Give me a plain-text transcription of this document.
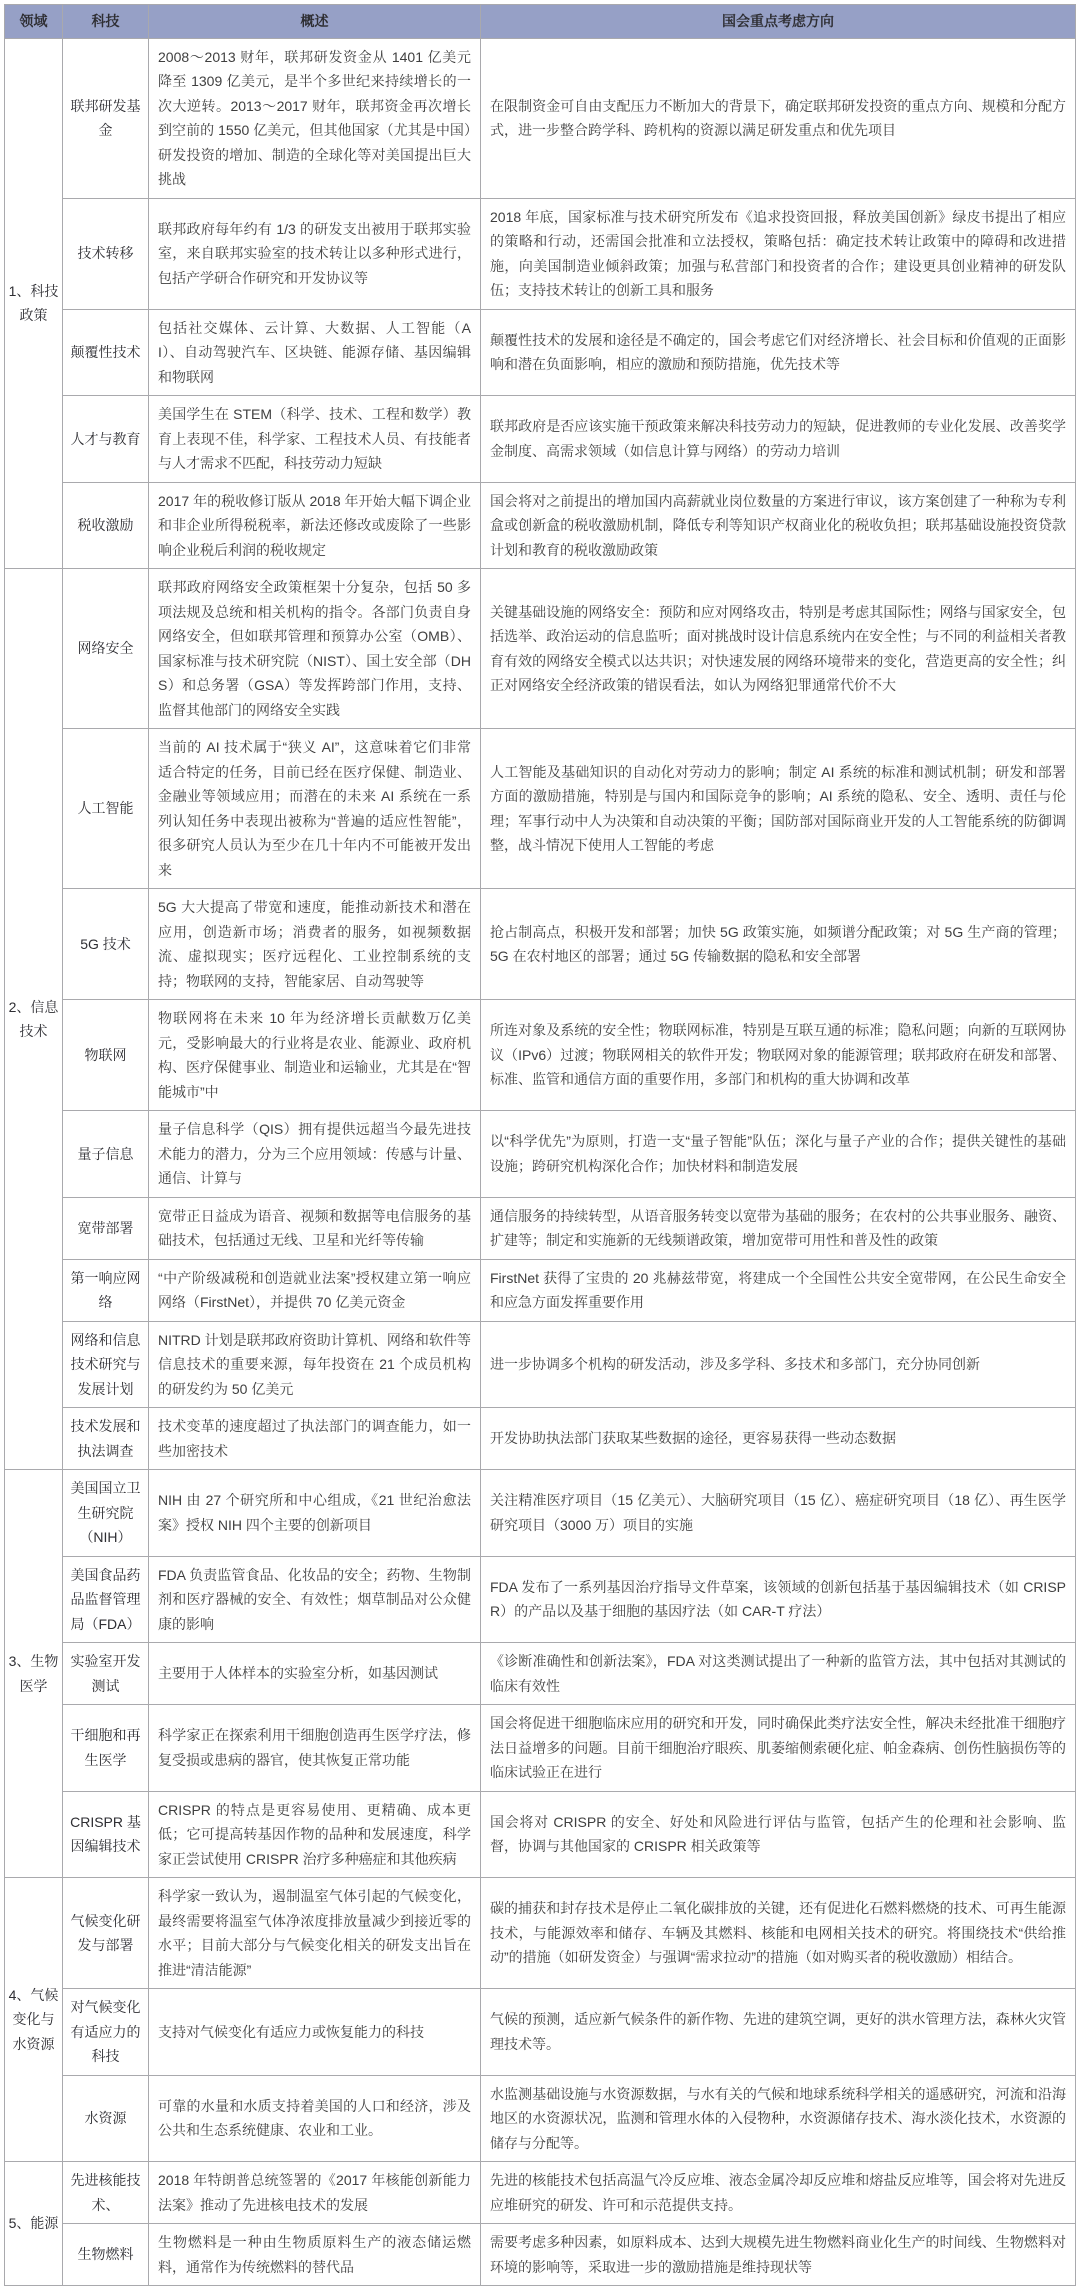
领域	科技	概述	国会重点考虑方向
1、科技政策	联邦研发基金	2008～2013 财年，联邦研发资金从 1401 亿美元降至 1309 亿美元，是半个多世纪来持续增长的一次大逆转。2013～2017 财年，联邦资金再次增长到空前的 1550 亿美元，但其他国家（尤其是中国）研发投资的增加、制造的全球化等对美国提出巨大挑战	在限制资金可自由支配压力不断加大的背景下，确定联邦研发投资的重点方向、规模和分配方式，进一步整合跨学科、跨机构的资源以满足研发重点和优先项目
	技术转移	联邦政府每年约有 1/3 的研发支出被用于联邦实验室，来自联邦实验室的技术转让以多种形式进行，包括产学研合作研究和开发协议等	2018 年底，国家标准与技术研究所发布《追求投资回报，释放美国创新》绿皮书提出了相应的策略和行动，还需国会批准和立法授权，策略包括：确定技术转让政策中的障碍和改进措施，向美国制造业倾斜政策；加强与私营部门和投资者的合作；建设更具创业精神的研发队伍；支持技术转让的创新工具和服务
	颠覆性技术	包括社交媒体、云计算、大数据、人工智能（AI）、自动驾驶汽车、区块链、能源存储、基因编辑和物联网	颠覆性技术的发展和途径是不确定的，国会考虑它们对经济增长、社会目标和价值观的正面影响和潜在负面影响，相应的激励和预防措施，优先技术等
	人才与教育	美国学生在 STEM（科学、技术、工程和数学）教育上表现不佳，科学家、工程技术人员、有技能者与人才需求不匹配，科技劳动力短缺	联邦政府是否应该实施干预政策来解决科技劳动力的短缺，促进教师的专业化发展、改善奖学金制度、高需求领域（如信息计算与网络）的劳动力培训
	税收激励	2017 年的税收修订版从 2018 年开始大幅下调企业和非企业所得税税率，新法还修改或废除了一些影响企业税后利润的税收规定	国会将对之前提出的增加国内高薪就业岗位数量的方案进行审议，该方案创建了一种称为专利盒或创新盒的税收激励机制，降低专利等知识产权商业化的税收负担；联邦基础设施投资贷款计划和教育的税收激励政策
2、信息技术	网络安全	联邦政府网络安全政策框架十分复杂，包括 50 多项法规及总统和相关机构的指令。各部门负责自身网络安全，但如联邦管理和预算办公室（OMB）、国家标准与技术研究院（NIST）、国土安全部（DHS）和总务署（GSA）等发挥跨部门作用，支持、监督其他部门的网络安全实践	关键基础设施的网络安全：预防和应对网络攻击，特别是考虑其国际性；网络与国家安全，包括选举、政治运动的信息监听；面对挑战时设计信息系统内在安全性；与不同的利益相关者教育有效的网络安全模式以达共识；对快速发展的网络环境带来的变化，营造更高的安全性；纠正对网络安全经济政策的错误看法，如认为网络犯罪通常代价不大
	人工智能	当前的 AI 技术属于“狭义 AI”，这意味着它们非常适合特定的任务，目前已经在医疗保健、制造业、金融业等领域应用；而潜在的未来 AI 系统在一系列认知任务中表现出被称为“普遍的适应性智能”，很多研究人员认为至少在几十年内不可能被开发出来	人工智能及基础知识的自动化对劳动力的影响；制定 AI 系统的标准和测试机制；研发和部署方面的激励措施，特别是与国内和国际竞争的影响；AI 系统的隐私、安全、透明、责任与伦理；军事行动中人为决策和自动决策的平衡；国防部对国际商业开发的人工智能系统的防御调整，战斗情况下使用人工智能的考虑
	5G 技术	5G 大大提高了带宽和速度，能推动新技术和潜在应用，创造新市场；消费者的服务，如视频数据流、虚拟现实；医疗远程化、工业控制系统的支持；物联网的支持，智能家居、自动驾驶等	抢占制高点，积极开发和部署；加快 5G 政策实施，如频谱分配政策；对 5G 生产商的管理；5G 在农村地区的部署；通过 5G 传输数据的隐私和安全部署
	物联网	物联网将在未来 10 年为经济增长贡献数万亿美元，受影响最大的行业将是农业、能源业、政府机构、医疗保健事业、制造业和运输业，尤其是在“智能城市”中	所连对象及系统的安全性；物联网标准，特别是互联互通的标准；隐私问题；向新的互联网协议（IPv6）过渡；物联网相关的软件开发；物联网对象的能源管理；联邦政府在研发和部署、标准、监管和通信方面的重要作用，多部门和机构的重大协调和改革
	量子信息	量子信息科学（QIS）拥有提供远超当今最先进技术能力的潜力，分为三个应用领域：传感与计量、通信、计算与	以“科学优先”为原则，打造一支“量子智能”队伍；深化与量子产业的合作；提供关键性的基础设施；跨研究机构深化合作；加快材料和制造发展
	宽带部署	宽带正日益成为语音、视频和数据等电信服务的基础技术，包括通过无线、卫星和光纤等传输	通信服务的持续转型，从语音服务转变以宽带为基础的服务；在农村的公共事业服务、融资、扩建等；制定和实施新的无线频谱政策，增加宽带可用性和普及性的政策
	第一响应网络	“中产阶级减税和创造就业法案”授权建立第一响应网络（FirstNet），并提供 70 亿美元资金	FirstNet 获得了宝贵的 20 兆赫兹带宽，将建成一个全国性公共安全宽带网，在公民生命安全和应急方面发挥重要作用
	网络和信息技术研究与发展计划	NITRD 计划是联邦政府资助计算机、网络和软件等信息技术的重要来源，每年投资在 21 个成员机构的研发约为 50 亿美元	进一步协调多个机构的研发活动，涉及多学科、多技术和多部门，充分协同创新
	技术发展和执法调查	技术变革的速度超过了执法部门的调查能力，如一些加密技术	开发协助执法部门获取某些数据的途径，更容易获得一些动态数据
3、生物医学	美国国立卫生研究院（NIH）	NIH 由 27 个研究所和中心组成，《21 世纪治愈法案》授权 NIH 四个主要的创新项目	关注精准医疗项目（15 亿美元）、大脑研究项目（15 亿）、癌症研究项目（18 亿）、再生医学研究项目（3000 万）项目的实施
	美国食品药品监督管理局（FDA）	FDA 负责监管食品、化妆品的安全；药物、生物制剂和医疗器械的安全、有效性；烟草制品对公众健康的影响	FDA 发布了一系列基因治疗指导文件草案，该领域的创新包括基于基因编辑技术（如 CRISPR）的产品以及基于细胞的基因疗法（如 CAR-T 疗法）
	实验室开发测试	主要用于人体样本的实验室分析，如基因测试	《诊断准确性和创新法案》，FDA 对这类测试提出了一种新的监管方法，其中包括对其测试的临床有效性
	干细胞和再生医学	科学家正在探索利用干细胞创造再生医学疗法，修复受损或患病的器官，使其恢复正常功能	国会将促进干细胞临床应用的研究和开发，同时确保此类疗法安全性，解决未经批准干细胞疗法日益增多的问题。目前干细胞治疗眼疾、肌萎缩侧索硬化症、帕金森病、创伤性脑损伤等的临床试验正在进行
	CRISPR 基因编辑技术	CRISPR 的特点是更容易使用、更精确、成本更低；它可提高转基因作物的品种和发展速度，科学家正尝试使用 CRISPR 治疗多种癌症和其他疾病	国会将对 CRISPR 的安全、好处和风险进行评估与监管，包括产生的伦理和社会影响、监督，协调与其他国家的 CRISPR 相关政策等
4、气候变化与水资源	气候变化研发与部署	科学家一致认为，遏制温室气体引起的气候变化，最终需要将温室气体净浓度排放量减少到接近零的水平；目前大部分与气候变化相关的研发支出旨在推进“清洁能源”	碳的捕获和封存技术是停止二氧化碳排放的关键，还有促进化石燃料燃烧的技术、可再生能源技术，与能源效率和储存、车辆及其燃料、核能和电网相关技术的研究。将围绕技术“供给推动”的措施（如研发资金）与强调“需求拉动”的措施（如对购买者的税收激励）相结合。
	对气候变化有适应力的科技	支持对气候变化有适应力或恢复能力的科技	气候的预测，适应新气候条件的新作物、先进的建筑空调，更好的洪水管理方法，森林火灾管理技术等。
	水资源	可靠的水量和水质支持着美国的人口和经济，涉及公共和生态系统健康、农业和工业。	水监测基础设施与水资源数据，与水有关的气候和地球系统科学相关的遥感研究，河流和沿海地区的水资源状况，监测和管理水体的入侵物种，水资源储存技术、海水淡化技术，水资源的储存与分配等。
5、能源	先进核能技术、	2018 年特朗普总统签署的《2017 年核能创新能力法案》推动了先进核电技术的发展	先进的核能技术包括高温气冷反应堆、液态金属冷却反应堆和熔盐反应堆等，国会将对先进反应堆研究的研发、许可和示范提供支持。
	生物燃料	生物燃料是一种由生物质原料生产的液态储运燃料，通常作为传统燃料的替代品	需要考虑多种因素，如原料成本、达到大规模先进生物燃料商业化生产的时间线、生物燃料对环境的影响等，采取进一步的激励措施是维持现状等
